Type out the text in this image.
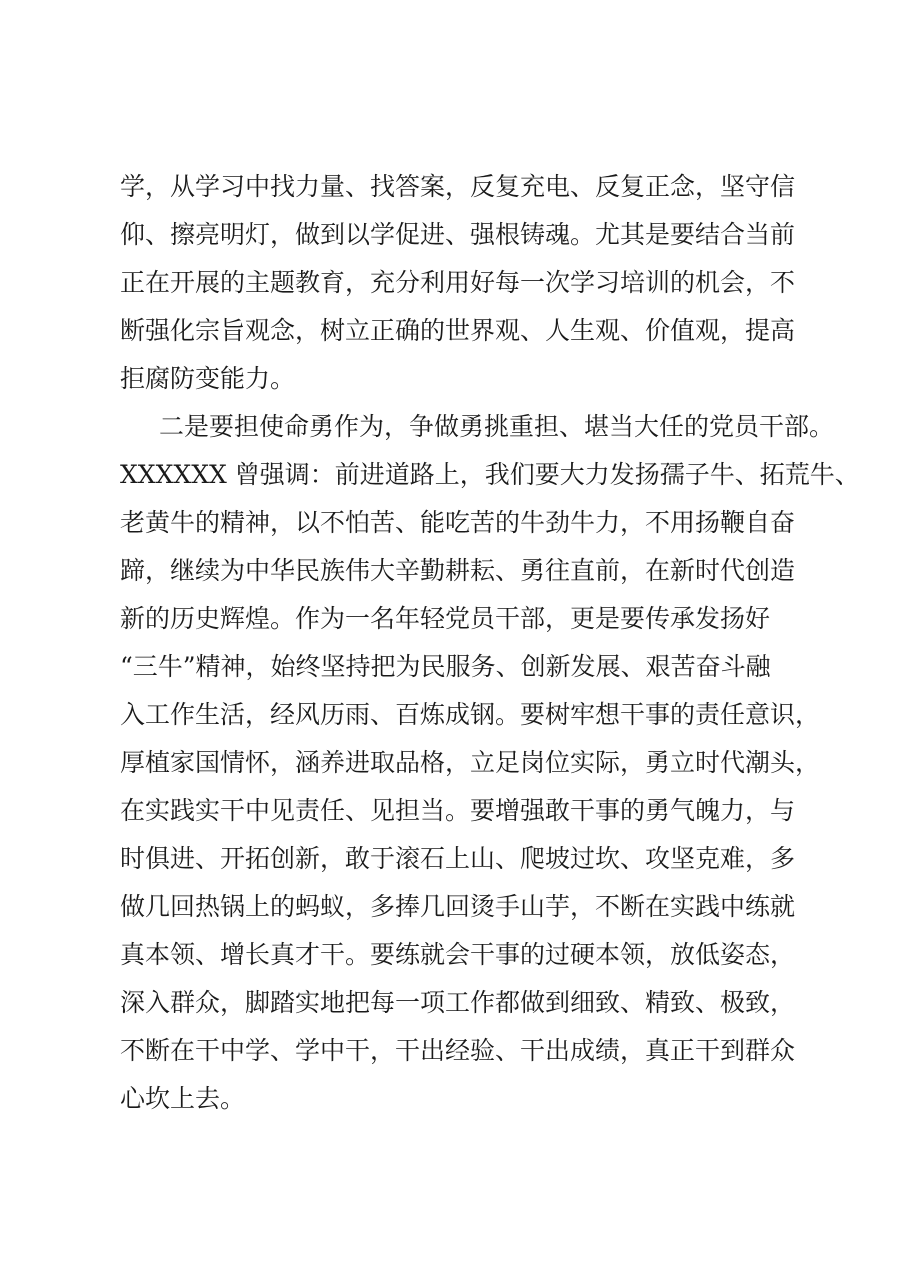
学，从学习中找力量、找答案，反复充电、反复正念，坚守信

仰、擦亮明灯，做到以学促进、强根铸魂。尤其是要结合当前

正在开展的主题教育，充分利用好每一次学习培训的机会，不

断强化宗旨观念，树立正确的世界观、人生观、价值观，提高

拒腐防变能力。

二是要担使命勇作为，争做勇挑重担、堪当大任的党员干部。

XXXXXX 曾强调：前进道路上，我们要大力发扬孺子牛、拓荒牛、

老黄牛的精神，以不怕苦、能吃苦的牛劲牛力，不用扬鞭自奋

蹄，继续为中华民族伟大辛勤耕耘、勇往直前，在新时代创造

新的历史辉煌。作为一名年轻党员干部，更是要传承发扬好

“三牛”精神，始终坚持把为民服务、创新发展、艰苦奋斗融

入工作生活，经风历雨、百炼成钢。要树牢想干事的责任意识，

厚植家国情怀，涵养进取品格，立足岗位实际，勇立时代潮头，

在实践实干中见责任、见担当。要增强敢干事的勇气魄力，与

时俱进、开拓创新，敢于滚石上山、爬坡过坎、攻坚克难，多

做几回热锅上的蚂蚁，多捧几回烫手山芋，不断在实践中练就

真本领、增长真才干。要练就会干事的过硬本领，放低姿态，

深入群众，脚踏实地把每一项工作都做到细致、精致、极致，

不断在干中学、学中干，干出经验、干出成绩，真正干到群众

心坎上去。
